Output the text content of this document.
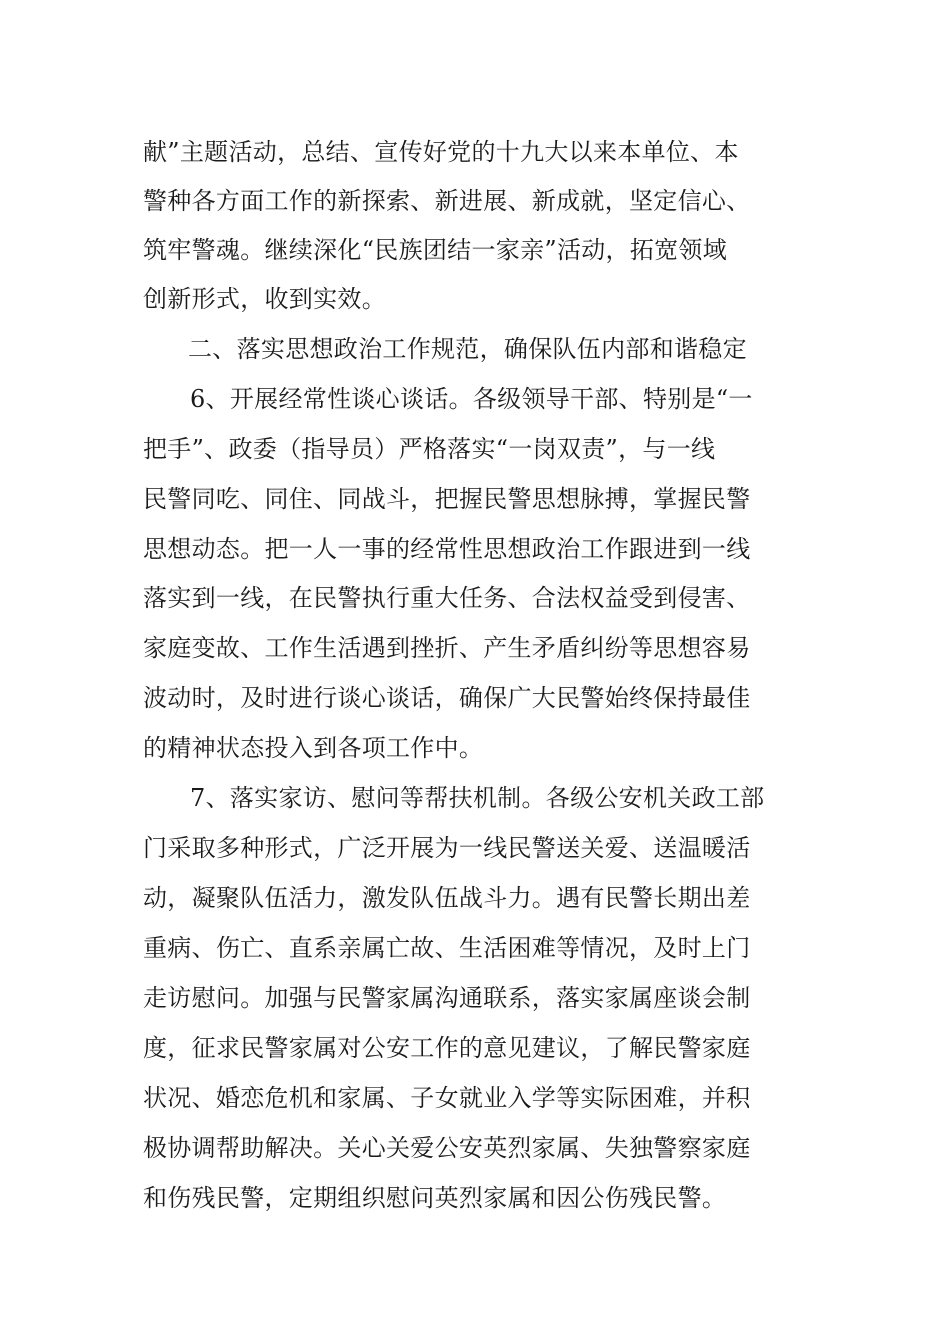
献”主题活动，总结、宣传好党的十九大以来本单位、本
警种各方面工作的新探索、新进展、新成就，坚定信心、
筑牢警魂。继续深化“民族团结一家亲”活动，拓宽领域
创新形式，收到实效。
二、落实思想政治工作规范，确保队伍内部和谐稳定
6、开展经常性谈心谈话。各级领导干部、特别是“一
把手”、政委（指导员）严格落实“一岗双责”，与一线
民警同吃、同住、同战斗，把握民警思想脉搏，掌握民警
思想动态。把一人一事的经常性思想政治工作跟进到一线
落实到一线，在民警执行重大任务、合法权益受到侵害、
家庭变故、工作生活遇到挫折、产生矛盾纠纷等思想容易
波动时，及时进行谈心谈话，确保广大民警始终保持最佳
的精神状态投入到各项工作中。
7、落实家访、慰问等帮扶机制。各级公安机关政工部
门采取多种形式，广泛开展为一线民警送关爱、送温暖活
动，凝聚队伍活力，激发队伍战斗力。遇有民警长期出差
重病、伤亡、直系亲属亡故、生活困难等情况，及时上门
走访慰问。加强与民警家属沟通联系，落实家属座谈会制
度，征求民警家属对公安工作的意见建议，了解民警家庭
状况、婚恋危机和家属、子女就业入学等实际困难，并积
极协调帮助解决。关心关爱公安英烈家属、失独警察家庭
和伤残民警，定期组织慰问英烈家属和因公伤残民警。
